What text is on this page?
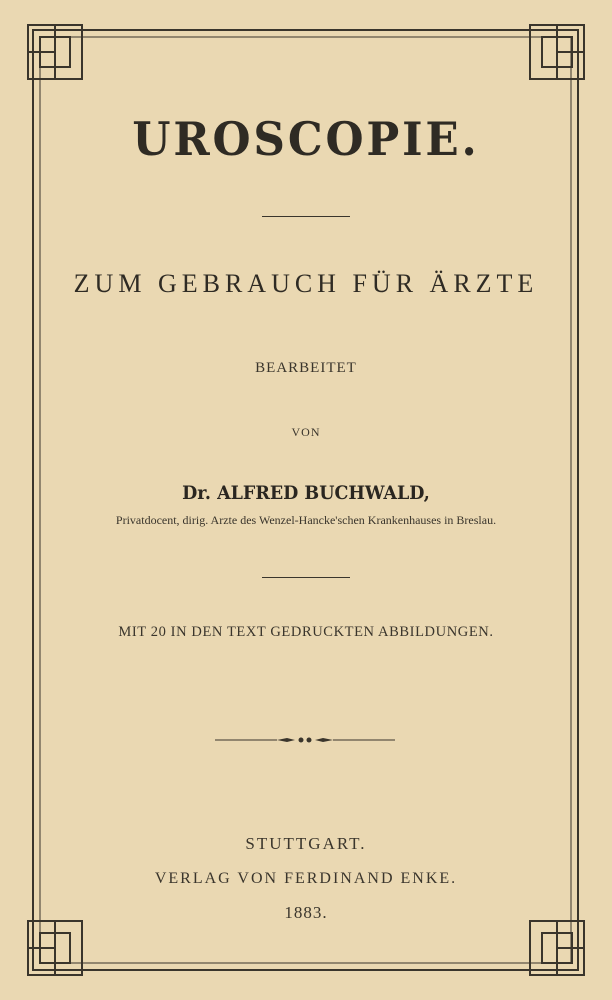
UROSCOPIE.
ZUM GEBRAUCH FÜR ÄRZTE
BEARBEITET
VON
Dr. ALFRED BUCHWALD,
Privatdocent, dirig. Arzte des Wenzel-Hancke'schen Krankenhauses in Breslau.
MIT 20 IN DEN TEXT GEDRUCKTEN ABBILDUNGEN.
STUTTGART.
VERLAG VON FERDINAND ENKE.
1883.
